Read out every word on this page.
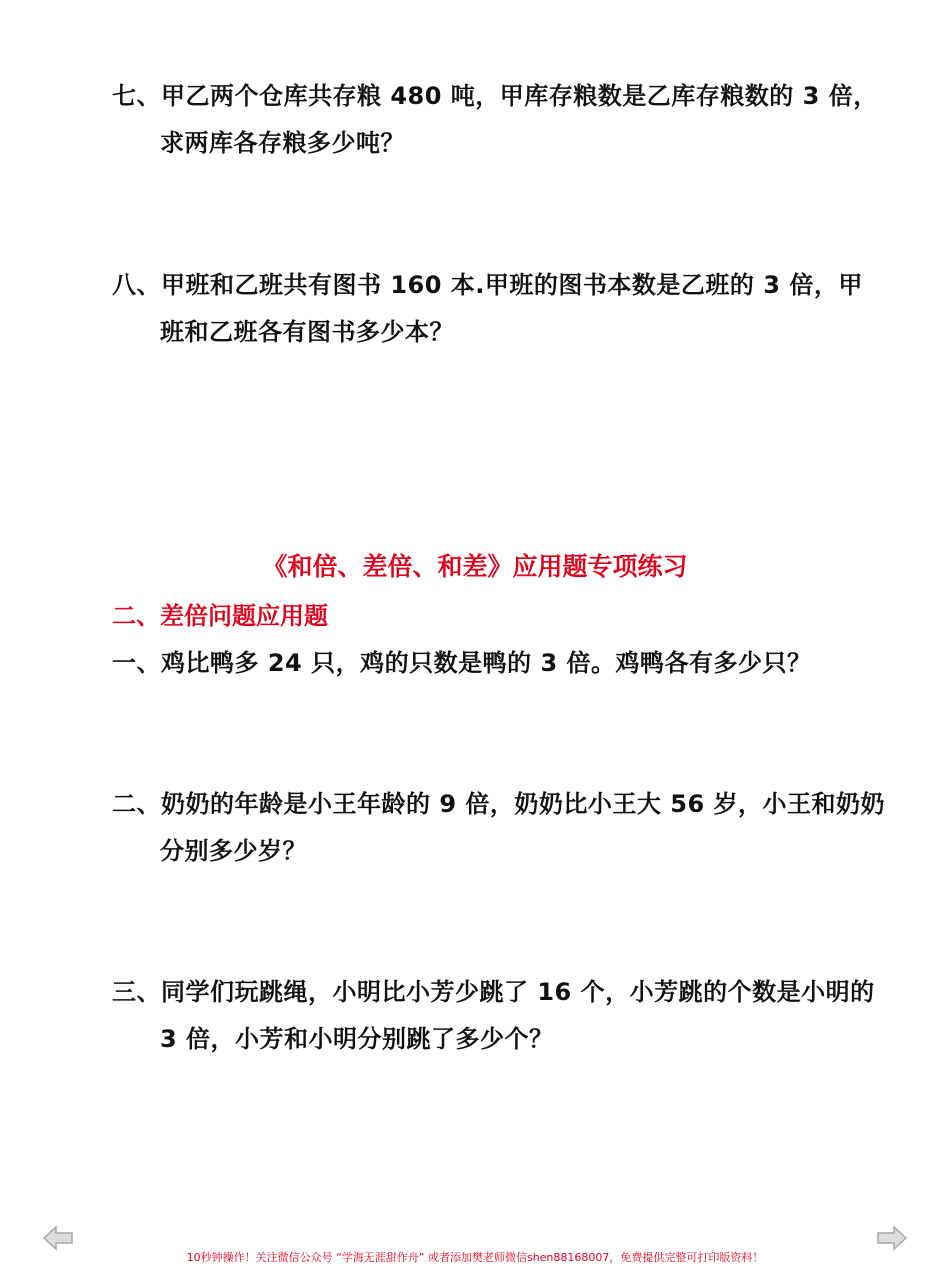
七、甲乙两个仓库共存粮 480 吨，甲库存粮数是乙库存粮数的 3 倍，
求两库各存粮多少吨？
八、甲班和乙班共有图书 160 本.甲班的图书本数是乙班的 3 倍，甲
班和乙班各有图书多少本？
《和倍、差倍、和差》应用题专项练习
二、差倍问题应用题
一、鸡比鸭多 24 只，鸡的只数是鸭的 3 倍。鸡鸭各有多少只？
二、奶奶的年龄是小王年龄的 9 倍，奶奶比小王大 56 岁，小王和奶奶
分别多少岁？
三、同学们玩跳绳，小明比小芳少跳了 16 个，小芳跳的个数是小明的
3 倍，小芳和小明分别跳了多少个？
10秒钟操作！关注微信公众号 “学海无涯甜作舟” 或者添加樊老师微信shen88168007，免费提供完整可打印版资料！
